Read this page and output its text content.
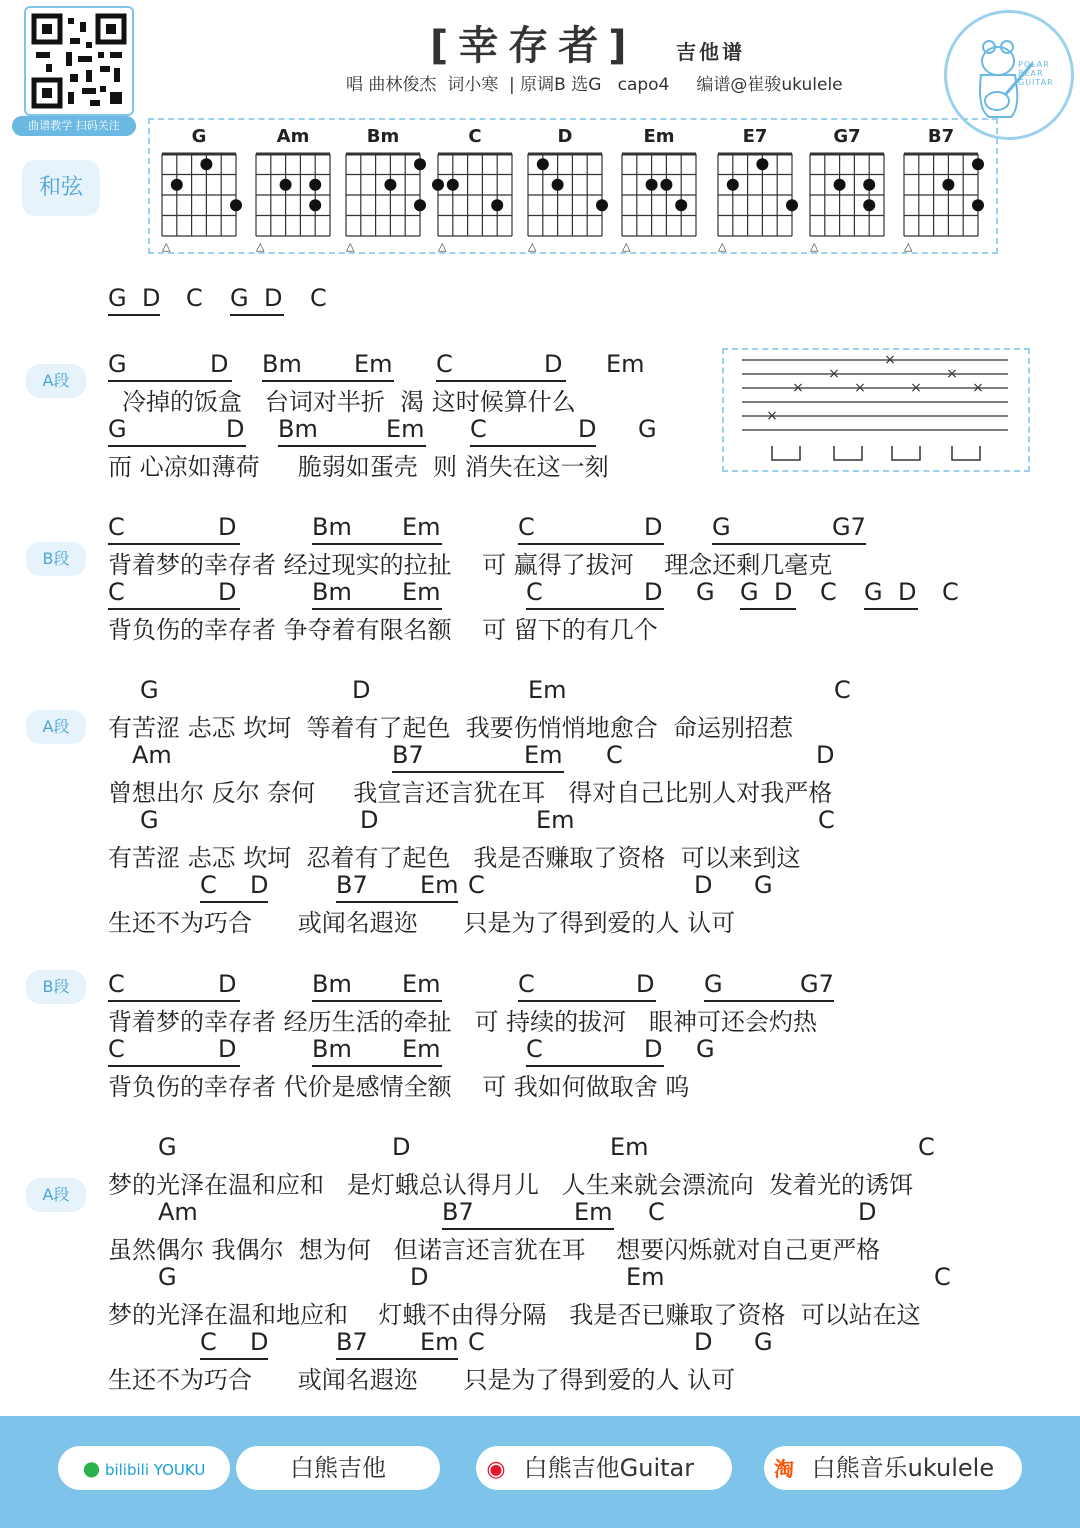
曲谱教学 扫码关注
[幸存者] 吉他谱
唱 曲林俊杰  词小寒  | 原调B 选G   capo4     编谱@崔骏ukulele
POLAR
BEAR
GUITAR
和弦
G
△
Am
△
Bm
△
C
△
D
△
Em
△
E7
△
G7
△
B7
△
A段
B段
A段
B段
A段
×
×
×
×
×
×
×
×
● bilibili YOUKU	白熊吉他	◉ 白熊吉他Guitar	淘 白熊音乐ukulele
G D C G D C
G	D Bm Em C	D Em
冷掉的饭盒   台词对半折  渴 这时候算什么
G	D Bm	Em C	D G
而 心凉如薄荷     脆弱如蛋壳  则 消失在这一刻
C	D	Bm Em	C	D G	G7
背着梦的幸存者 经过现实的拉扯    可 赢得了拔河    理念还剩几毫克
C	D	Bm Em	C	D G G D C G D C
背负伤的幸存者 争夺着有限名额    可 留下的有几个
G	D	Em	C
有苦涩 忐忑 坎坷  等着有了起色  我要伤悄悄地愈合  命运别招惹
Am	B7	Em C	D
曾想出尔 反尔 奈何     我宣言还言犹在耳   得对自己比别人对我严格
G	D	Em	C
有苦涩 忐忑 坎坷  忍着有了起色   我是否赚取了资格  可以来到这
C D	B7 Em C	D G
生还不为巧合      或闻名遐迩      只是为了得到爱的人 认可
C	D	Bm Em	C	D G	G7
背着梦的幸存者 经历生活的牵扯   可 持续的拔河   眼神可还会灼热
C	D	Bm Em	C	D G
背负伤的幸存者 代价是感情全额    可 我如何做取舍 呜
G	D	Em	C
梦的光泽在温和应和   是灯蛾总认得月儿   人生来就会漂流向  发着光的诱饵
Am	B7	Em C	D
虽然偶尔 我偶尔  想为何   但诺言还言犹在耳    想要闪烁就对自己更严格
G	D	Em	C
梦的光泽在温和地应和    灯蛾不由得分隔   我是否已赚取了资格  可以站在这
C D	B7 Em C	D G
生还不为巧合      或闻名遐迩      只是为了得到爱的人 认可
